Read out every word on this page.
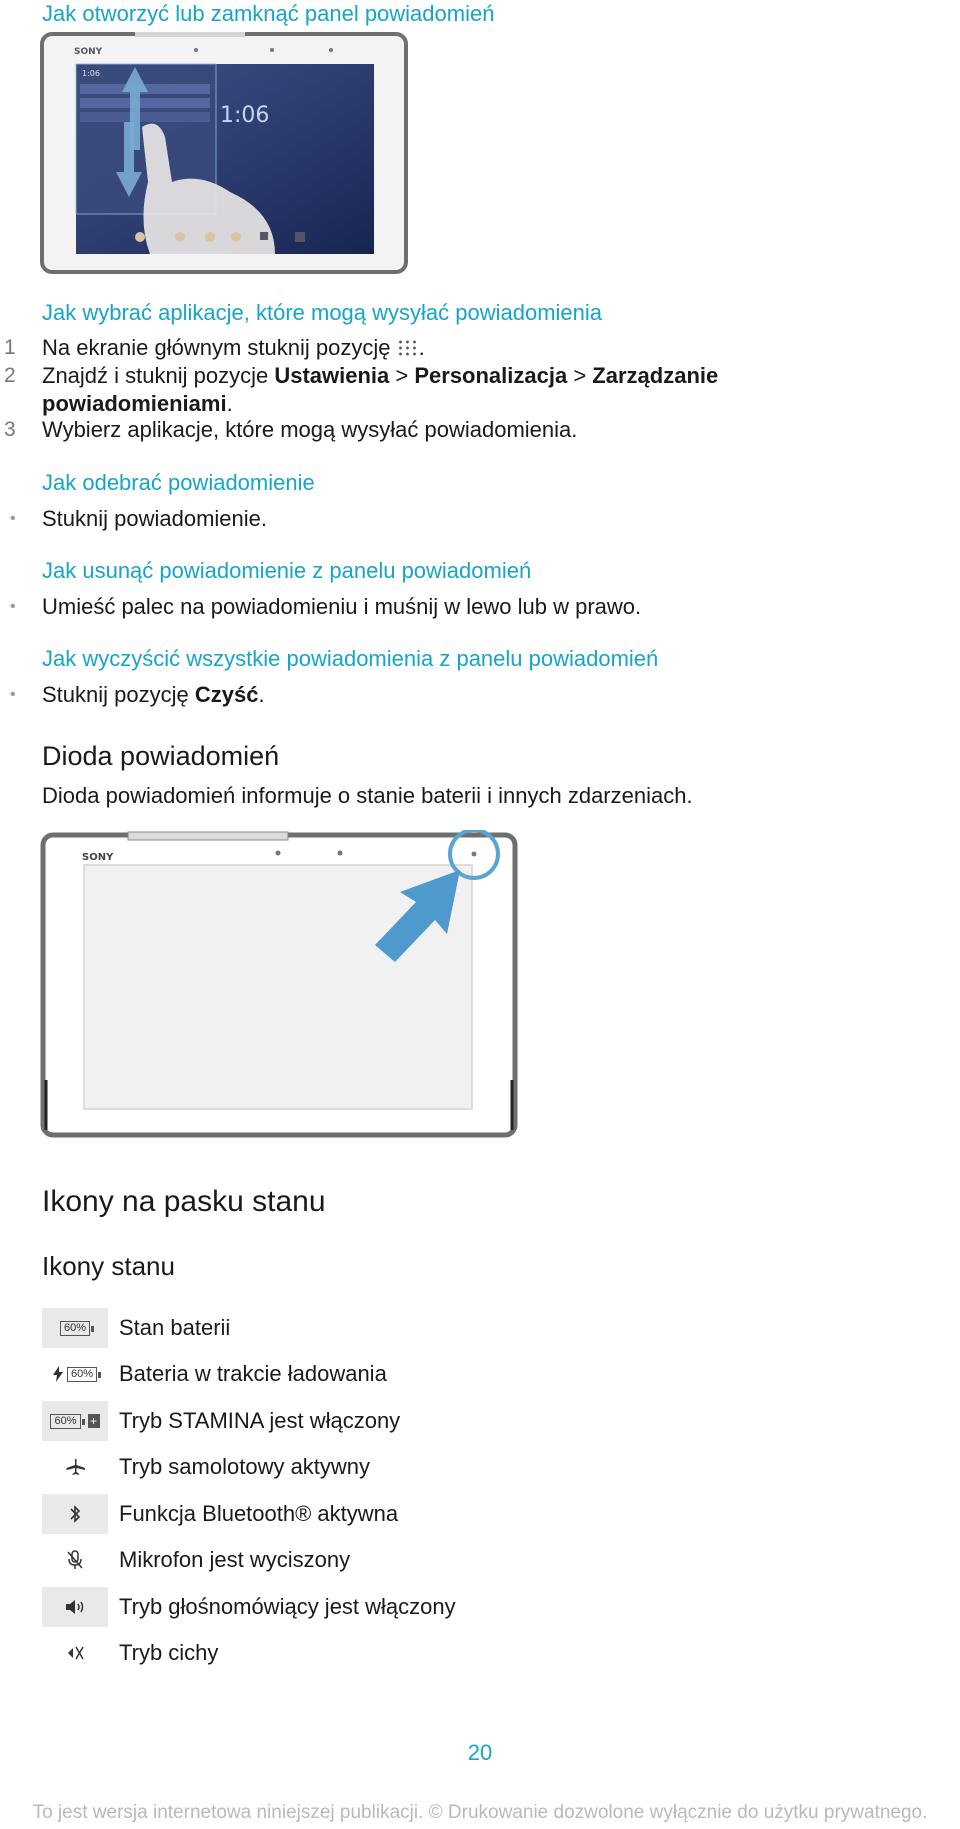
Jak otworzyć lub zamknąć panel powiadomień
SONY
1:06
1:06
Jak wybrać aplikacje, które mogą wysyłać powiadomienia
1 Na ekranie głównym stuknij pozycję .
2 Znajdź i stuknij pozycje Ustawienia > Personalizacja > Zarządzanie
powiadomieniami.
3 Wybierz aplikacje, które mogą wysyłać powiadomienia.
Jak odebrać powiadomienie
• Stuknij powiadomienie.
Jak usunąć powiadomienie z panelu powiadomień
• Umieść palec na powiadomieniu i muśnij w lewo lub w prawo.
Jak wyczyścić wszystkie powiadomienia z panelu powiadomień
• Stuknij pozycję Czyść.
Dioda powiadomień
Dioda powiadomień informuje o stanie baterii i innych zdarzeniach.
SONY
Ikony na pasku stanu
Ikony stanu
60% Stan baterii
60% Bateria w trakcie ładowania
60%	+ Tryb STAMINA jest włączony
Tryb samolotowy aktywny
Funkcja Bluetooth® aktywna
Mikrofon jest wyciszony
Tryb głośnomówiący jest włączony
Tryb cichy
20
To jest wersja internetowa niniejszej publikacji. © Drukowanie dozwolone wyłącznie do użytku prywatnego.
